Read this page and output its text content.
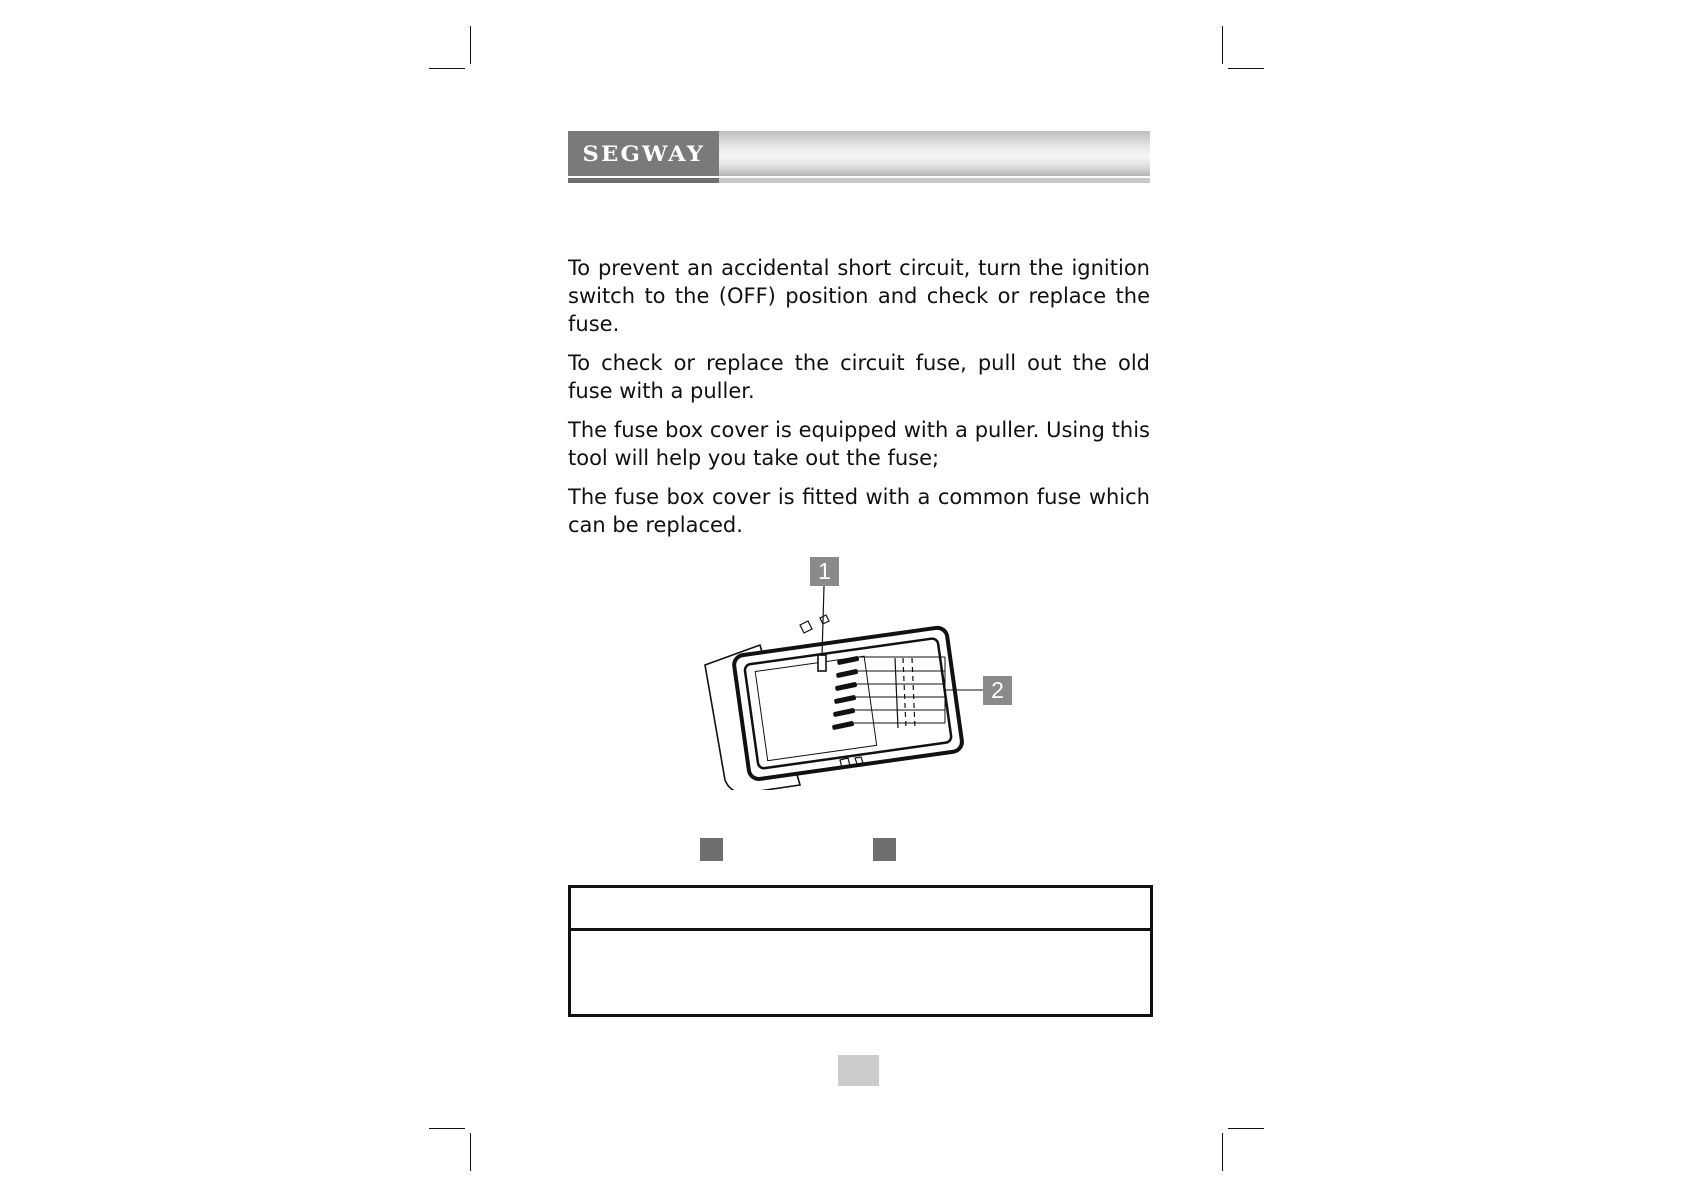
SEGWAY

To prevent an accidental short circuit, turn the ignition switch to the (OFF) position and check or replace the fuse.

To check or replace the circuit fuse, pull out the old fuse with a puller.

The fuse box cover is equipped with a puller. Using this tool will help you take out the fuse;

The fuse box cover is fitted with a common fuse which can be replaced.

1
2
